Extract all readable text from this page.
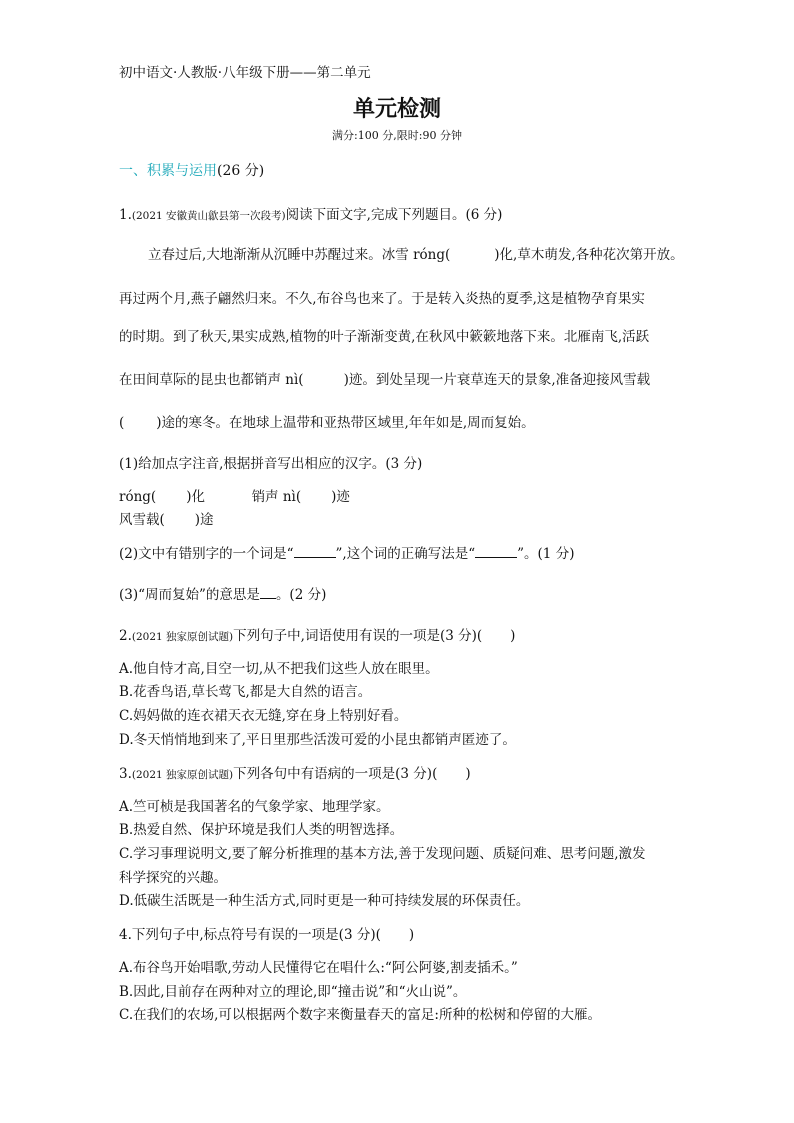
初中语文·人教版·八年级下册——第二单元
单元检测
满分:100 分,限时:90 分钟
一、积累与运用(26 分)
1.(2021 安徽黄山歙县第一次段考)阅读下面文字,完成下列题目。(6 分)
立春过后,大地渐渐从沉睡中苏醒过来。冰雪 róng(	)化,草木萌发,各种花次第开放。
再过两个月,燕子翩然归来。不久,布谷鸟也来了。于是转入炎热的夏季,这是植物孕育果实
的时期。到了秋天,果实成熟,植物的叶子渐渐变黄,在秋风中簌簌地落下来。北雁南飞,活跃
在田间草际的昆虫也都销声 nì(	)迹。到处呈现一片衰草连天的景象,准备迎接风雪载
( )途的寒冬。在地球上温带和亚热带区域里,年年如是,周而复始。
(1)给加点字注音,根据拼音写出相应的汉字。(3 分)
róng( )化	销声 nì( )迹
风雪载( )途
(2)文中有错别字的一个词是“	”,这个词的正确写法是“	”。(1 分)
(3)“周而复始”的意思是 。(2 分)
2.(2021 独家原创试题)下列句子中,词语使用有误的一项是(3 分)( )
A.他自恃才高,目空一切,从不把我们这些人放在眼里。
B.花香鸟语,草长莺飞,都是大自然的语言。
C.妈妈做的连衣裙天衣无缝,穿在身上特别好看。
D.冬天悄悄地到来了,平日里那些活泼可爱的小昆虫都销声匿迹了。
3.(2021 独家原创试题)下列各句中有语病的一项是(3 分)( )
A.竺可桢是我国著名的气象学家、地理学家。
B.热爱自然、保护环境是我们人类的明智选择。
C.学习事理说明文,要了解分析推理的基本方法,善于发现问题、质疑问难、思考问题,激发
科学探究的兴趣。
D.低碳生活既是一种生活方式,同时更是一种可持续发展的环保责任。
4.下列句子中,标点符号有误的一项是(3 分)( )
A.布谷鸟开始唱歌,劳动人民懂得它在唱什么:“阿公阿婆,割麦插禾。”
B.因此,目前存在两种对立的理论,即“撞击说”和“火山说”。
C.在我们的农场,可以根据两个数字来衡量春天的富足:所种的松树和停留的大雁。
